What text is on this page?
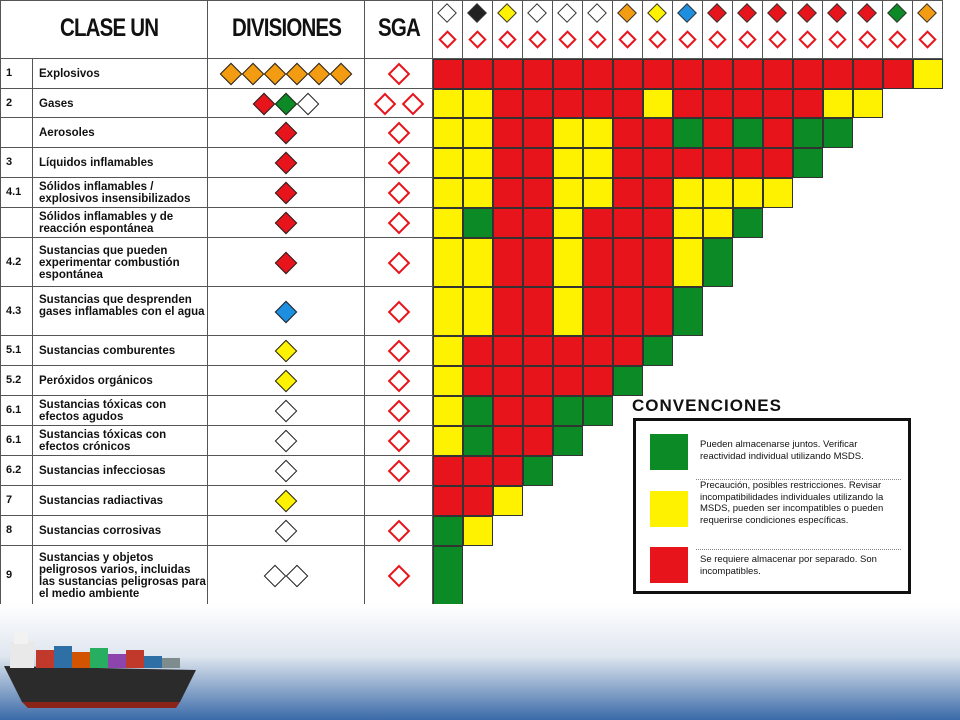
CLASE UN	DIVISIONES SGA
1 Explosivos
2 Gases
Aerosoles
3 Líquidos inflamables
4.1 Sólidos inflamables / explosivos insensibilizados
Sólidos inflamables y de reacción espontánea
4.2
Sustancias que pueden experimentar combustión espontánea
4.3
Sustancias que desprenden gases inflamables con el agua
5.1 Sustancias comburentes
5.2 Peróxidos orgánicos
6.1 Sustancias tóxicas con efectos agudos
6.1 Sustancias tóxicas con efectos crónicos
6.2 Sustancias infecciosas
7 Sustancias radiactivas
8 Sustancias corrosivas
9
Sustancias y objetos peligrosos varios, incluidas las sustancias peligrosas para el medio ambiente
CONVENCIONES
Pueden almacenarse juntos. Verificar reactividad individual utilizando MSDS.
Precaución, posibles restricciones. Revisar incompatibilidades individuales utilizando la MSDS, pueden ser incompatibles o pueden requerirse condiciones específicas.
Se requiere almacenar por separado. Son incompatibles.
